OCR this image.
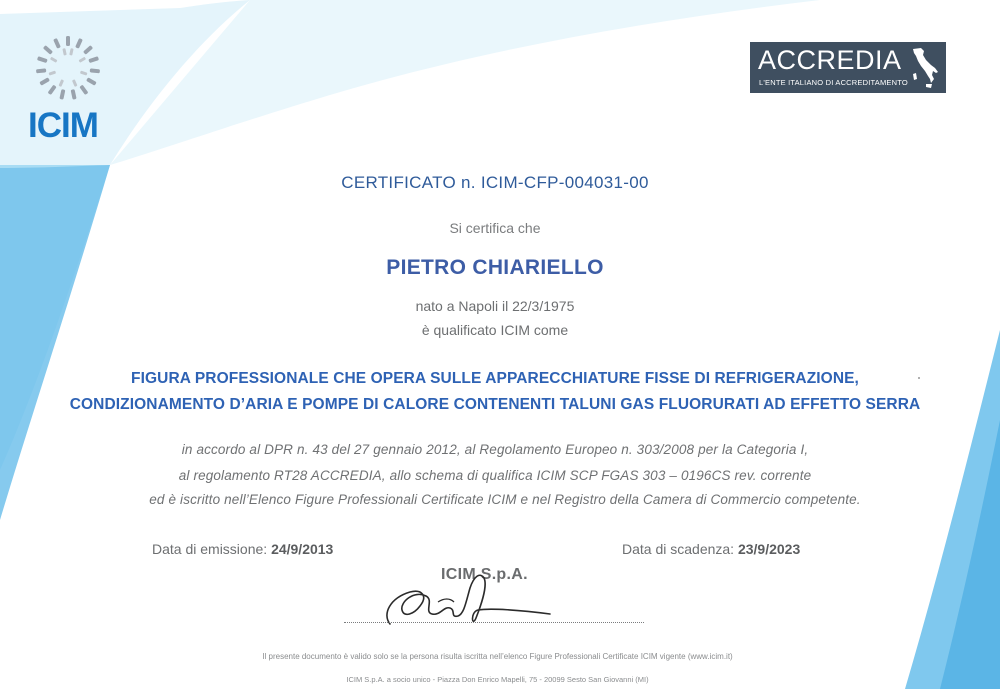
ICIM
ACCREDIA
L'ENTE ITALIANO DI ACCREDITAMENTO
CERTIFICATO n. ICIM-CFP-004031-00
Si certifica che
PIETRO CHIARIELLO
nato a Napoli il 22/3/1975
è qualificato ICIM come
FIGURA PROFESSIONALE CHE OPERA SULLE APPARECCHIATURE FISSE DI REFRIGERAZIONE,
CONDIZIONAMENTO D’ARIA E POMPE DI CALORE CONTENENTI TALUNI GAS FLUORURATI AD EFFETTO SERRA
in accordo al DPR n. 43 del 27 gennaio 2012, al Regolamento Europeo n. 303/2008 per la Categoria I,
al regolamento RT28 ACCREDIA, allo schema di qualifica ICIM SCP FGAS 303 – 0196CS rev. corrente
ed è iscritto nell’Elenco Figure Professionali Certificate ICIM e nel Registro della Camera di Commercio competente.
Data di emissione: 24/9/2013	Data di scadenza: 23/9/2023
ICIM S.p.A.
Il presente documento è valido solo se la persona risulta iscritta nell’elenco Figure Professionali Certificate ICIM vigente (www.icim.it)
ICIM S.p.A. a socio unico - Piazza Don Enrico Mapelli, 75 - 20099 Sesto San Giovanni (MI)
